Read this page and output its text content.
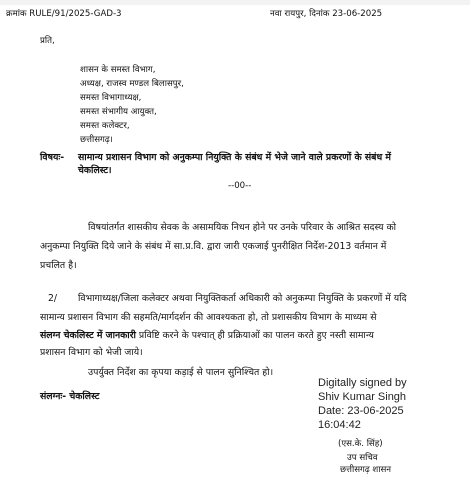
क्रमांक RULE/91/2025-GAD-3	नवा रायपुर, दिनांक 23-06-2025
प्रति,
शासन के समस्त विभाग,
अध्यक्ष, राजस्व मण्डल बिलासपुर,
समस्त विभागाध्यक्ष,
समस्त संभागीय आयुक्त,
समस्त कलेक्टर,
छत्तीसगढ़।
विषयः- सामान्य प्रशासन विभाग को अनुकम्पा नियुक्ति के संबंध में भेजे जाने वाले प्रकरणों के संबंध में
चेकलिस्ट।
--00--
विषयांतर्गत शासकीय सेवक के असामयिक निधन होने पर उनके परिवार के आश्रित सदस्य को
अनुकम्पा नियुक्ति दिये जाने के संबंध में सा.प्र.वि. द्वारा जारी एकजाई पुनरीक्षित निर्देश-2013 वर्तमान में
प्रचलित है।
2/ विभागाध्यक्ष/जिला कलेक्टर अथवा नियुक्तिकर्ता अधिकारी को अनुकम्पा नियुक्ति के प्रकरणों में यदि
सामान्य प्रशासन विभाग की सहमति/मार्गदर्शन की आवश्यकता हो, तो प्रशासकीय विभाग के माध्यम से
संलग्न चेकलिस्ट में जानकारी प्रविष्टि करने के पश्चात् ही प्रक्रियाओं का पालन करते हुए नस्ती सामान्य
प्रशासन विभाग को भेजी जाये।
उपर्युक्त निर्देश का कृपया कड़ाई से पालन सुनिश्चित हो।
संलग्नः- चेकलिस्ट
Digitally signed by
Shiv Kumar Singh
Date: 23-06-2025
16:04:42
(एस.के. सिंह)
उप सचिव
छत्तीसगढ़ शासन
